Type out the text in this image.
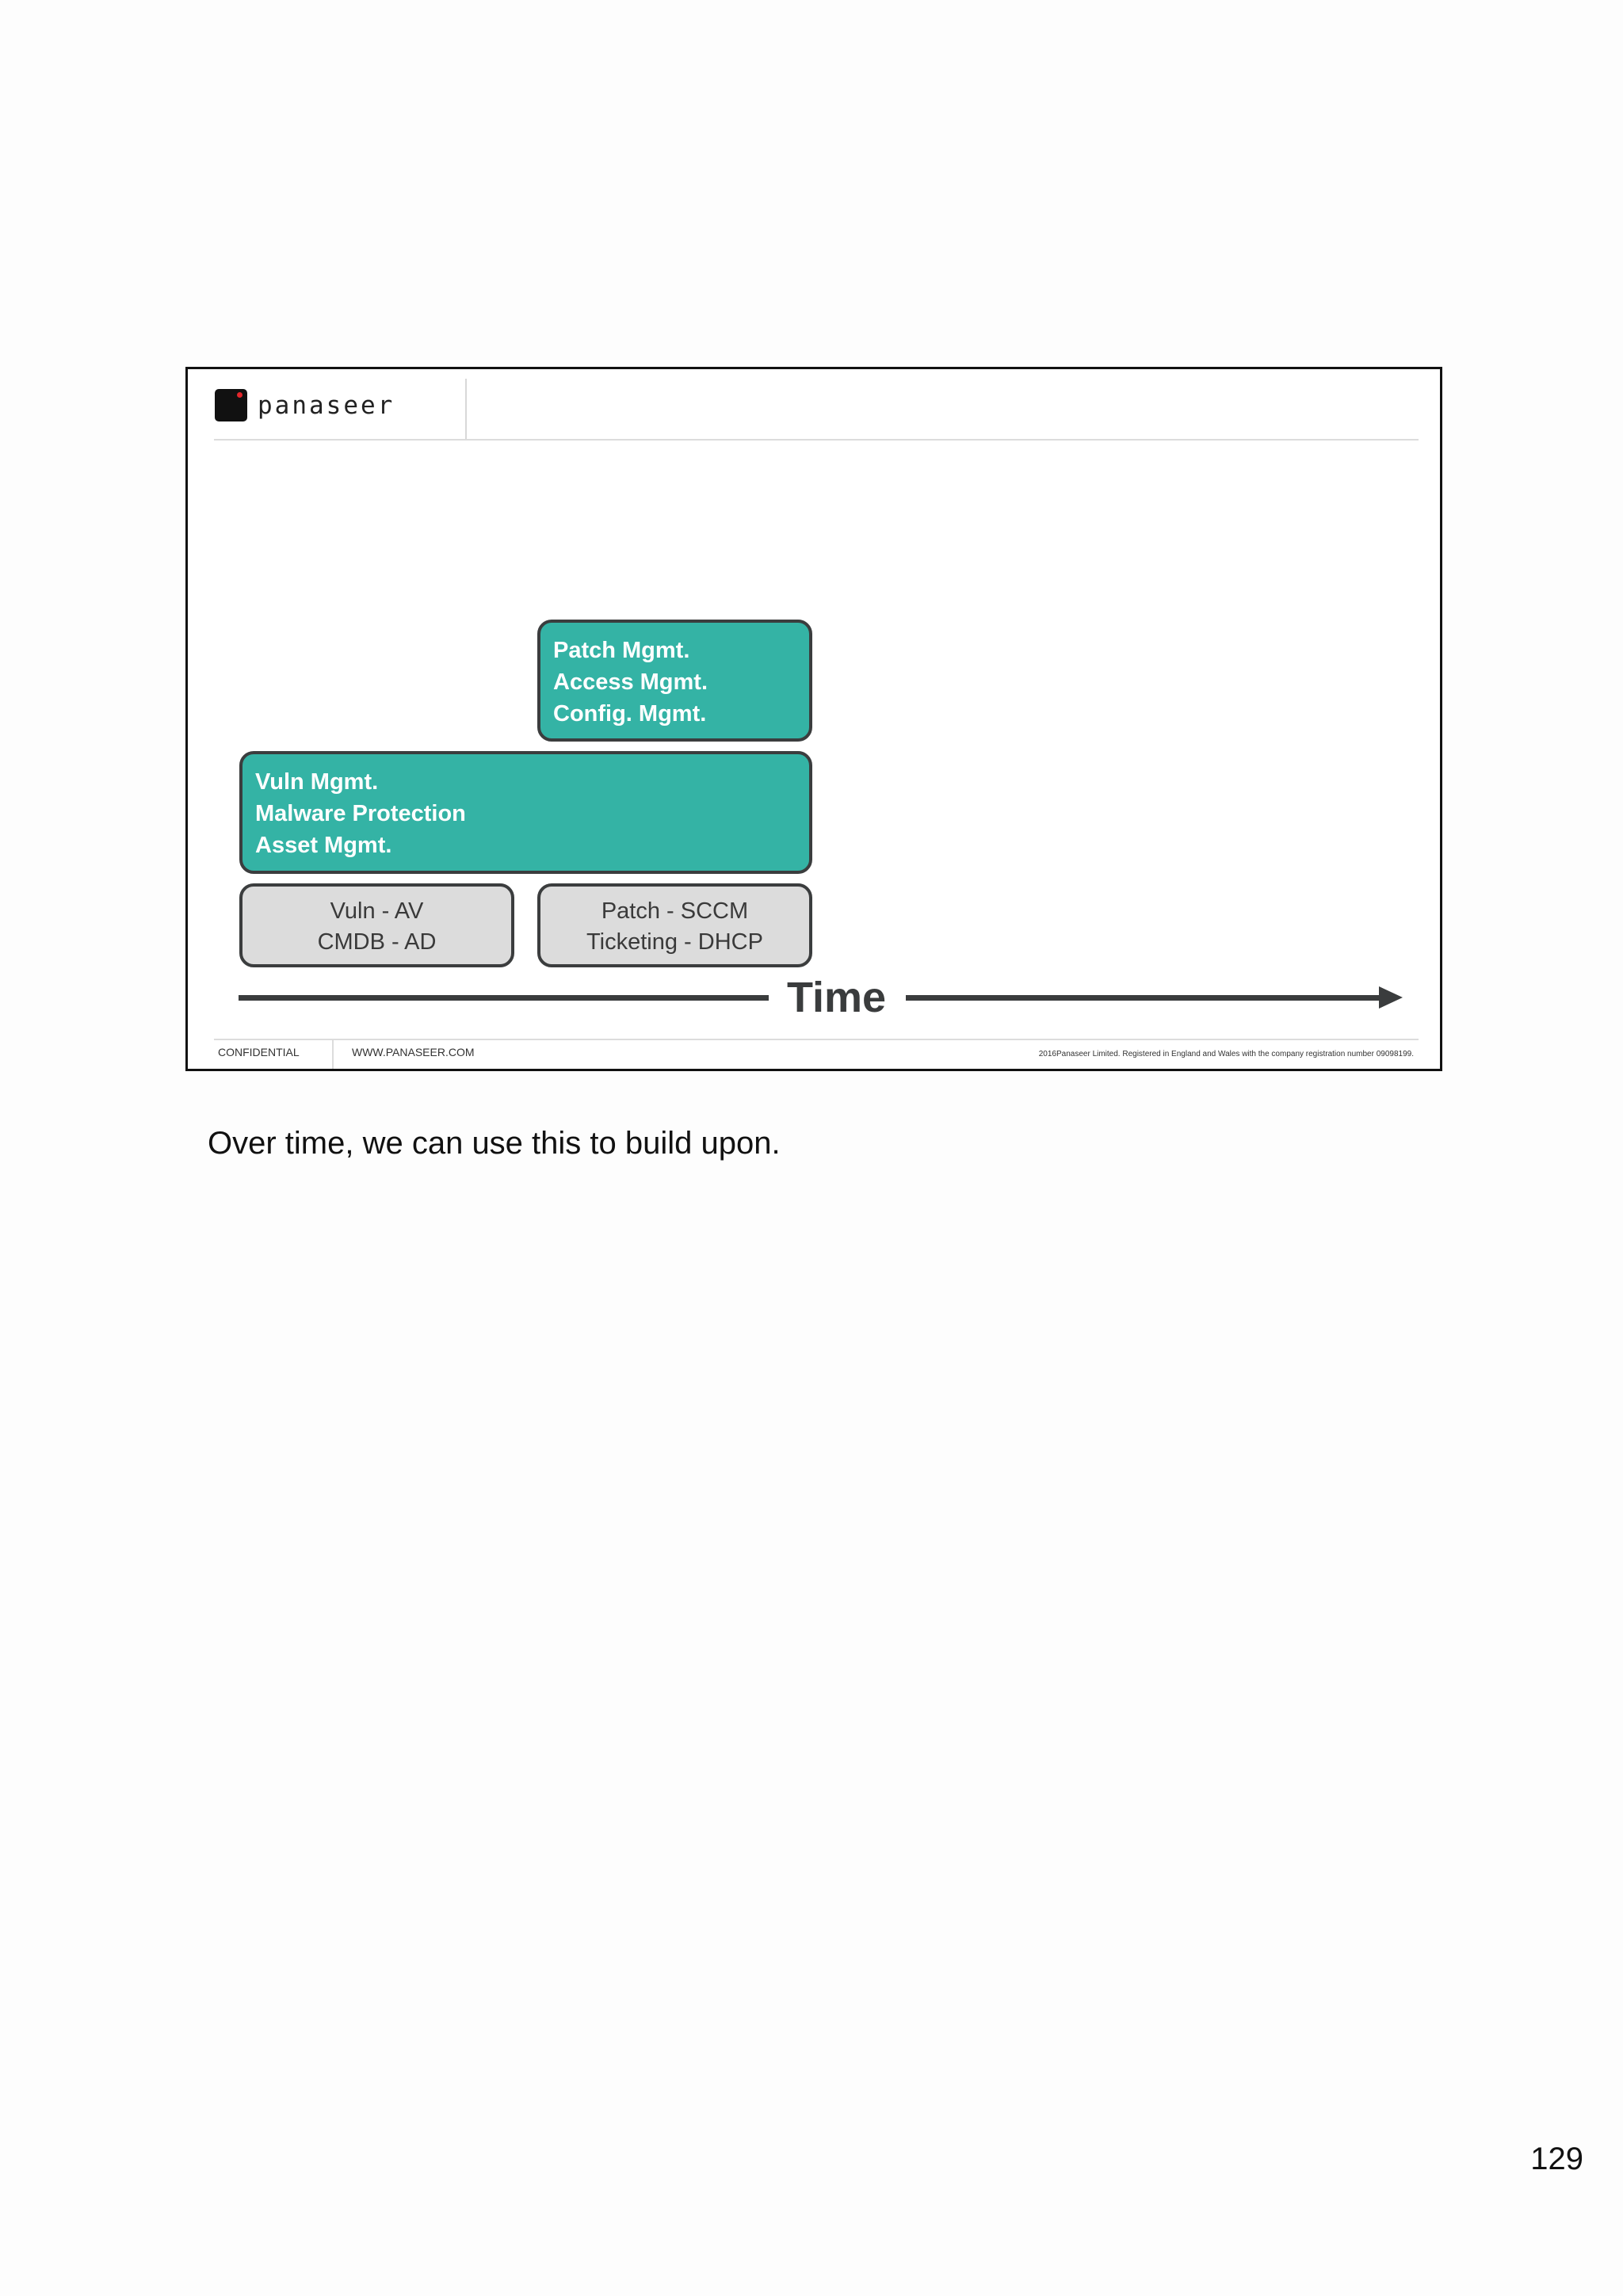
panaseer
Patch Mgmt.
Access Mgmt.
Config. Mgmt.
Vuln Mgmt.
Malware Protection
Asset Mgmt.
Vuln - AV
CMDB - AD
Patch - SCCM
Ticketing - DHCP
Time
CONFIDENTIAL	WWW.PANASEER.COM	2016Panaseer Limited. Registered in England and Wales with the company registration number 09098199.
Over time, we can use this to build upon.
129
